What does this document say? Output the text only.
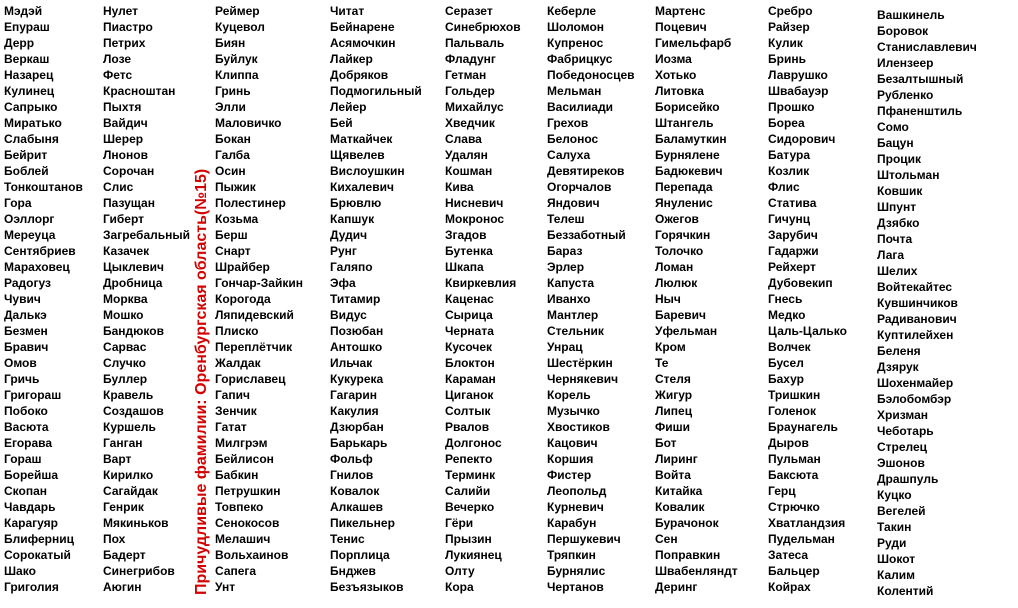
Причудливые фамилии: Оренбургская область(№15)
Мэдэй
Епураш
Дерр
Веркаш
Назарец
Кулинец
Сапрыко
Миратько
Слабыня
Бейрит
Боблей
Тонкоштанов
Гора
Оэллорг
Мереуца
Сентябриев
Мараховец
Радогуз
Чувич
Далькэ
Безмен
Бравич
Омов
Гричь
Григораш
Побоко
Васюта
Егорава
Гораш
Борейша
Скопан
Чавдарь
Карагуяр
Блиферниц
Сорокатый
Шако
Григолия
Нулет
Пиастро
Петрих
Лозе
Фетс
Красноштан
Пыхтя
Вайдич
Шерер
Лнонов
Сорочан
Слис
Пазущан
Гиберт
Загребальный
Казачек
Цыклевич
Дробница
Морква
Мошко
Бандюков
Сарвас
Случко
Буллер
Кравель
Создашов
Куршель
Ганган
Варт
Кирилко
Сагайдак
Генрик
Мякиньков
Пох
Бадерт
Синегрибов
Аюгин
Реймер
Куцевол
Биян
Буйлук
Клиппа
Гринь
Элли
Маловичко
Бокан
Галба
Осин
Пыжик
Полестинер
Козьма
Берш
Снарт
Шрайбер
Гончар-Зайкин
Корогода
Ляпидевский
Плиско
Переплётчик
Жалдак
Гориславец
Гапич
Зенчик
Гатат
Милгрэм
Бейлисон
Бабкин
Петрушкин
Товпеко
Сенокосов
Мелашич
Вольхаинов
Сапега
Унт
Читат
Бейнарене
Асямочкин
Лайкер
Добряков
Подмогильный
Лейер
Бей
Маткайчек
Щявелев
Вислоушкин
Кихалевич
Брювлю
Капшук
Дудич
Рунг
Галяпо
Эфа
Титамир
Видус
Позюбан
Антошко
Ильчак
Кукурека
Гагарин
Какулия
Дзюрбан
Барькарь
Фольф
Гнилов
Ковалок
Алкашев
Пикельнер
Тенис
Порплица
Бнджев
Безъязыков
Серазет
Синебрюхов
Пальваль
Фладунг
Гетман
Гольдер
Михайлус
Хведчик
Слава
Удалян
Кошман
Кива
Нисневич
Мокронос
Згадов
Бутенка
Шкапа
Квиркевлия
Каценас
Сырица
Черната
Кусочек
Блоктон
Караман
Циганок
Солтык
Рвалов
Долгонос
Репекто
Терминк
Салийи
Вечерко
Гёри
Прызин
Лукиянец
Олту
Кора
Кеберле
Шоломон
Купренос
Фабрицкус
Победоносцев
Мельман
Василиади
Грехов
Белонос
Салуха
Девятиреков
Огорчалов
Яндович
Телеш
Беззаботный
Бараз
Эрлер
Капуста
Иванхо
Мантлер
Стельник
Унрац
Шестёркин
Чернякевич
Корель
Музычко
Хвостиков
Кацович
Коршия
Фистер
Леопольд
Курневич
Карабун
Першукевич
Тряпкин
Бурнялис
Чертанов
Мартенс
Поцевич
Гимельфарб
Иозма
Хотько
Литовка
Борисейко
Штангель
Баламуткин
Бурнялене
Бадюкевич
Перепада
Януленис
Ожегов
Горячкин
Толочко
Ломан
Люлюк
Ныч
Баревич
Уфельман
Кром
Те
Стеля
Жигур
Липец
Фиши
Бот
Лиринг
Войта
Китайка
Ковалик
Бурачонок
Сен
Поправкин
Швабенляндт
Деринг
Сребро
Райзер
Кулик
Бринь
Лаврушко
Швабауэр
Прошко
Бореа
Сидорович
Батура
Козлик
Флис
Статива
Гичунц
Зарубич
Гадаржи
Рейхерт
Дубовекип
Гнесь
Медко
Цаль-Цалько
Волчек
Бусел
Бахур
Тришкин
Голенок
Браунагель
Дыров
Пульман
Баксюта
Герц
Стрючко
Хватландзия
Пудельман
Затеса
Бальцер
Койрах
Вашкинель
Боровок
Станиславлевич
Илензеер
Безалтышный
Рубленко
Пфаненштиль
Сомо
Бацун
Процик
Штольман
Ковшик
Шпунт
Дзябко
Почта
Лага
Шелих
Войтекайтес
Кувшинчиков
Радиванович
Куптилейхен
Беленя
Дзярук
Шохенмайер
Бэлобомбэр
Хризман
Чеботарь
Стрелец
Эшонов
Драшпуль
Куцко
Вегелей
Такин
Руди
Шокот
Калим
Колентий
